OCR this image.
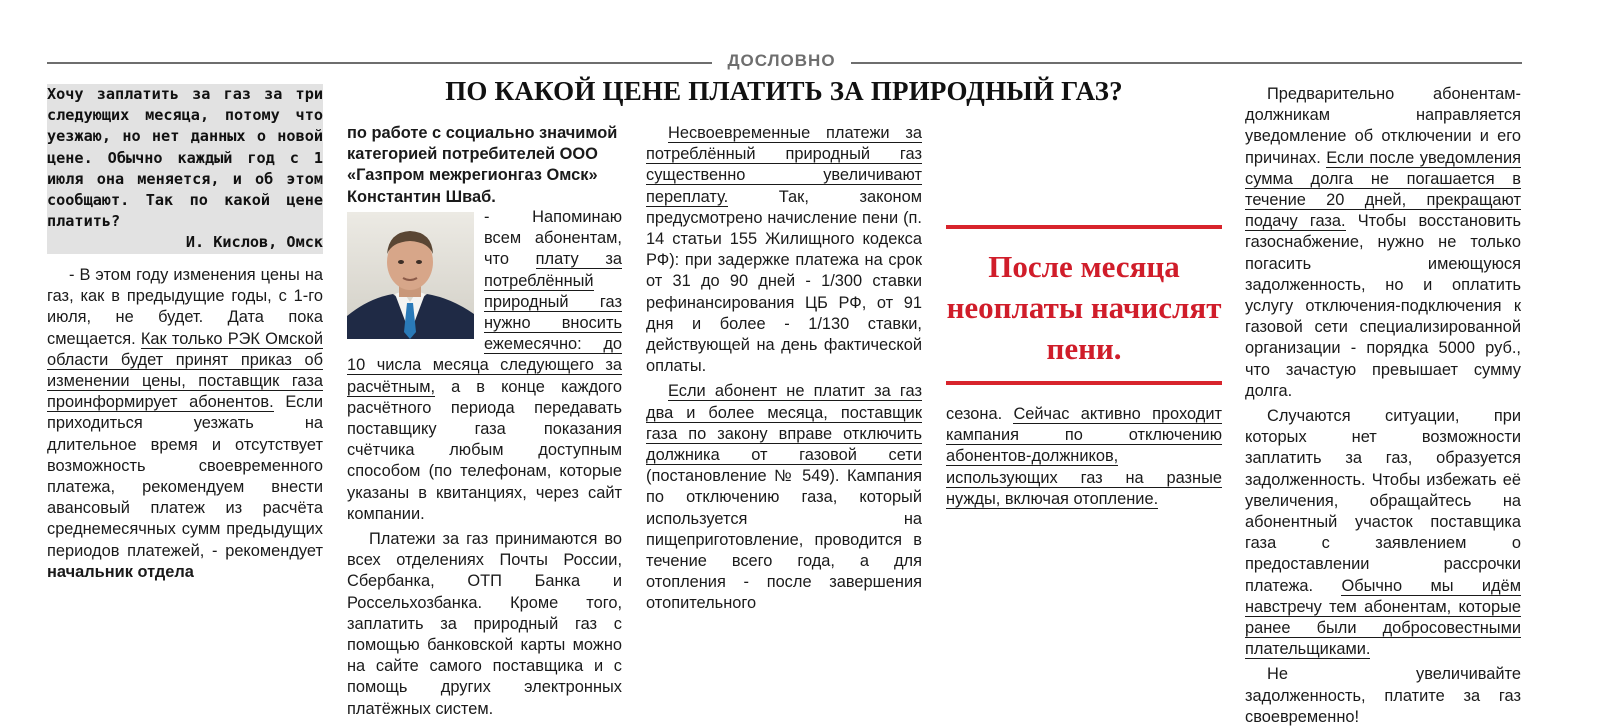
ДОСЛОВНО
ПО КАКОЙ ЦЕНЕ ПЛАТИТЬ ЗА ПРИРОДНЫЙ ГАЗ?

Хочу заплатить за газ за три следующих месяца, потому что уезжаю, но нет данных о новой цене. Обычно каждый год с 1 июля она меняется, и об этом сообщают. Так по какой цене платить?

И. Кислов, Омск

- В этом году изменения цены на газ, как в предыдущие годы, с 1-го июля, не будет. Дата пока смещается. Как только РЭК Омской области будет принят приказ об изменении цены, поставщик газа проинформирует абонентов. Если приходиться уезжать на длительное время и отсутствует возможность своевременного платежа, рекомендуем внести авансовый платеж из расчёта среднемесячных сумм предыдущих периодов платежей, - рекомендует начальник отдела

по работе с социально значимой категорией потребителей ООО «Газпром межрегионгаз Омск» Константин Шваб.

- Напоминаю всем абонентам, что плату за потреблённый природный газ нужно вносить ежемесячно: до 10 числа месяца следующего за расчётным, а в конце каждого расчётного периода передавать поставщику газа показания счётчика любым доступным способом (по телефонам, которые указаны в квитанциях, через сайт компании.

Платежи за газ принимаются во всех отделениях Почты России, Сбербанка, ОТП Банка и Россельхозбанка. Кроме того, заплатить за природный газ с помощью банковской карты можно на сайте самого поставщика и с помощь других электронных платёжных систем.

Несвоевременные платежи за потреблённый природный газ существенно увеличивают переплату. Так, законом предусмотрено начисление пени (п. 14 статьи 155 Жилищного кодекса РФ): при задержке платежа на срок от 31 до 90 дней - 1/300 ставки рефинансирования ЦБ РФ, от 91 дня и более - 1/130 ставки, действующей на день фактической оплаты.

Если абонент не платит за газ два и более месяца, поставщик газа по закону вправе отключить должника от газовой сети (постановление № 549). Кампания по отключению газа, который используется на пищеприготовление, проводится в течение всего года, а для отопления - после завершения отопительного

После месяца неоплаты начислят пени.

сезона. Сейчас активно проходит кампания по отключению абонентов-должников, использующих газ на разные нужды, включая отопление.

Предварительно абонентам-должникам направляется уведомление об отключении и его причинах. Если после уведомления сумма долга не погашается в течение 20 дней, прекращают подачу газа. Чтобы восстановить газоснабжение, нужно не только погасить имеющуюся задолженность, но и оплатить услугу отключения-подключения к газовой сети специализированной организации - порядка 5000 руб., что зачастую превышает сумму долга.

Случаются ситуации, при которых нет возможности заплатить за газ, образуется задолженность. Чтобы избежать её увеличения, обращайтесь на абонентный участок поставщика газа с заявлением о предоставлении рассрочки платежа. Обычно мы идём навстречу тем абонентам, которые ранее были добросовестными плательщиками.

Не увеличивайте задолженность, платите за газ своевременно!
